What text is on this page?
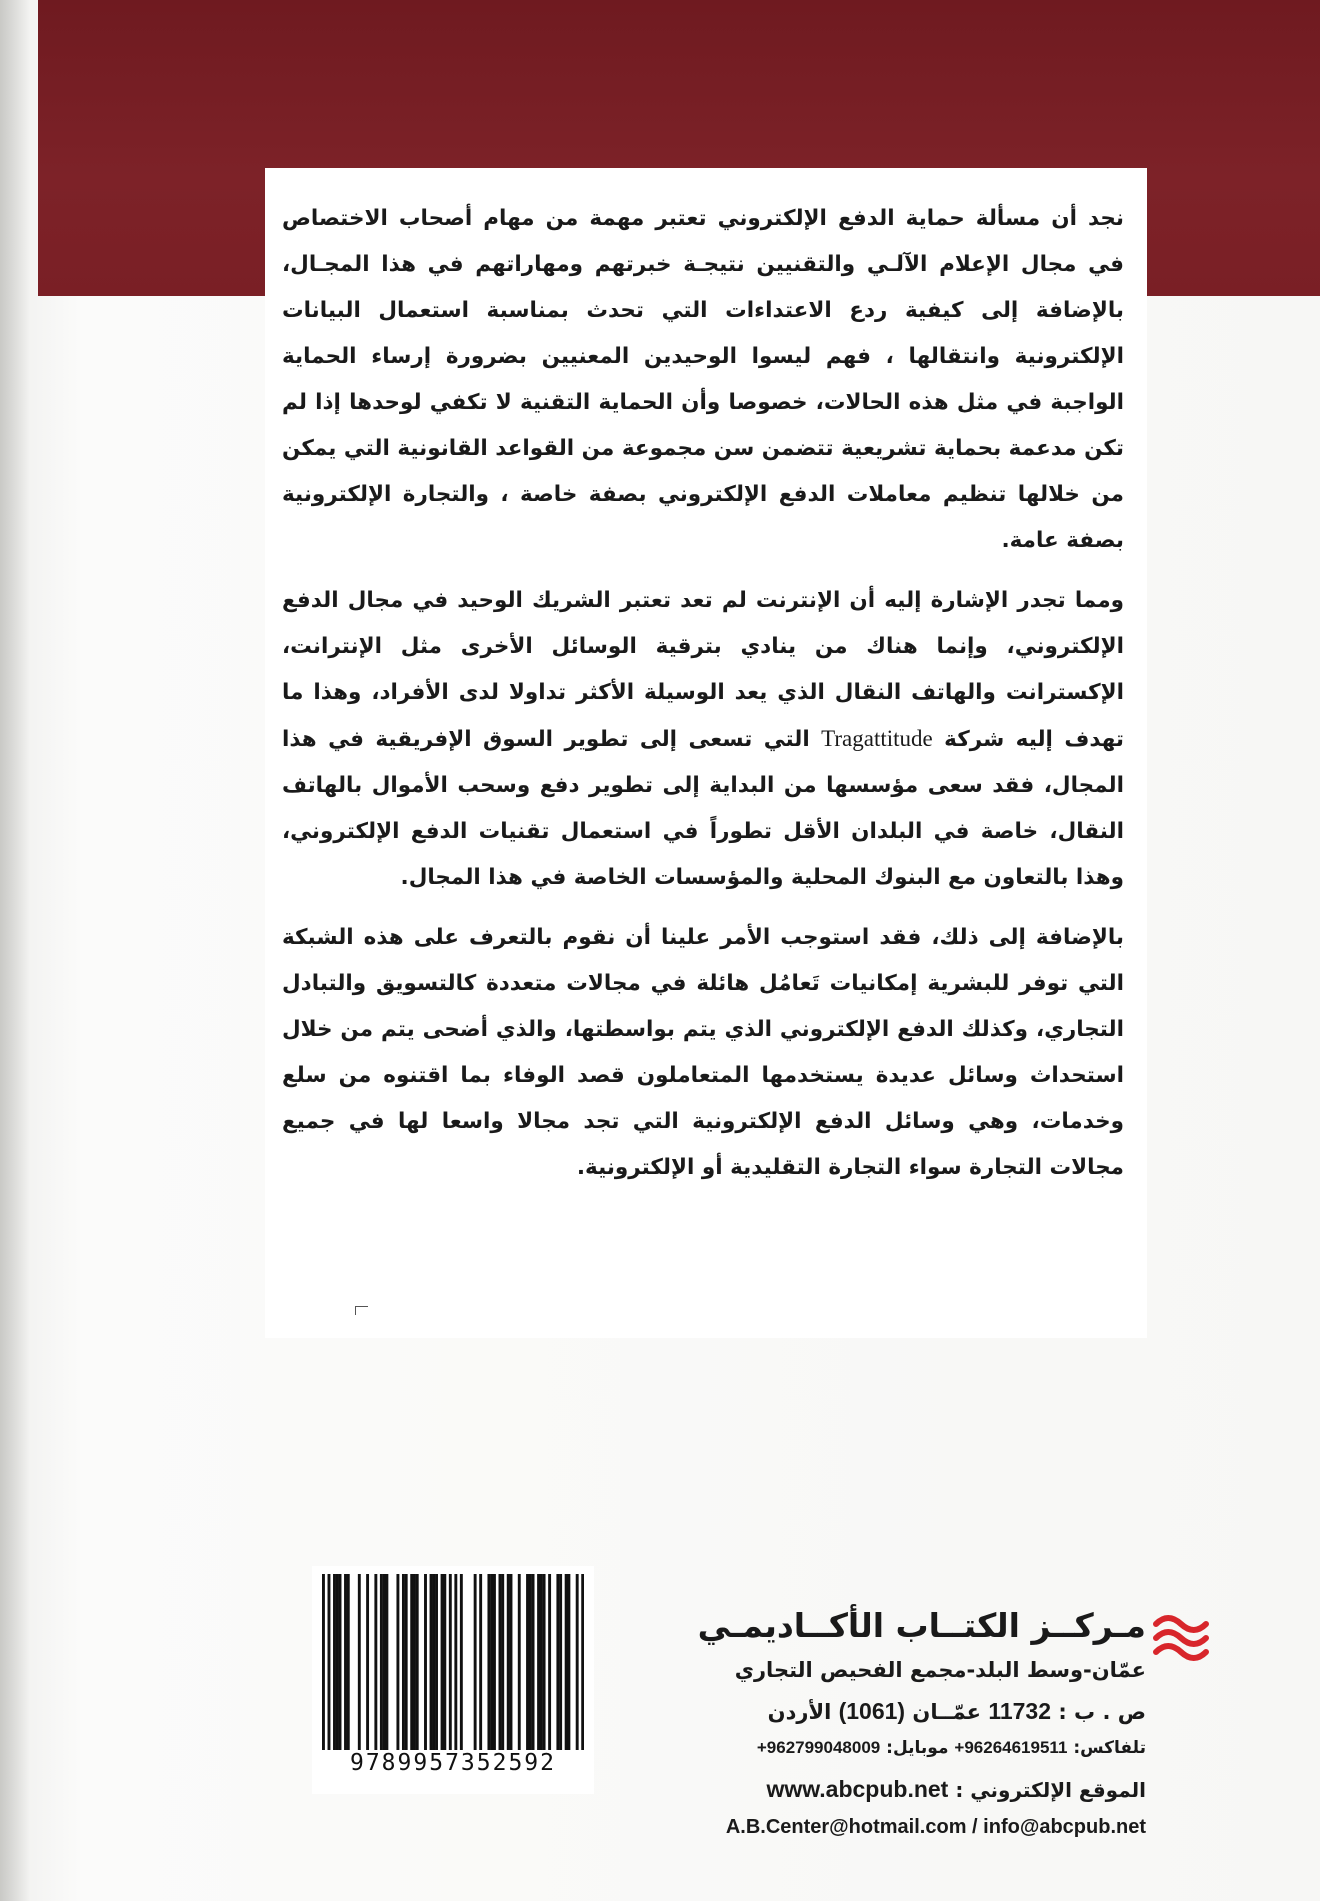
نجد أن مسألة حماية الدفع الإلكتروني تعتبر مهمة من مهام أصحاب الاختصاص في مجال الإعلام الآلـي والتقنيين نتيجـة خبرتهم ومهاراتهم في هذا المجـال، بالإضافة إلى كيفية ردع الاعتداءات التي تحدث بمناسبة استعمال البيانات الإلكترونية وانتقالها ، فهم ليسوا الوحيدين المعنيين بضرورة إرساء الحماية الواجبة في مثل هذه الحالات، خصوصا وأن الحماية التقنية لا تكفي لوحدها إذا لم تكن مدعمة بحماية تشريعية تتضمن سن مجموعة من القواعد القانونية التي يمكن من خلالها تنظيم معاملات الدفع الإلكتروني بصفة خاصة ، والتجارة الإلكترونية بصفة عامة.

ومما تجدر الإشارة إليه أن الإنترنت لم تعد تعتبر الشريك الوحيد في مجال الدفع الإلكتروني، وإنما هناك من ينادي بترقية الوسائل الأخرى مثل الإنترانت، الإكسترانت والهاتف النقال الذي يعد الوسيلة الأكثر تداولا لدى الأفراد، وهذا ما تهدف إليه شركة Tragattitude التي تسعى إلى تطوير السوق الإفريقية في هذا المجال، فقد سعى مؤسسها من البداية إلى تطوير دفع وسحب الأموال بالهاتف النقال، خاصة في البلدان الأقل تطوراً في استعمال تقنيات الدفع الإلكتروني، وهذا بالتعاون مع البنوك المحلية والمؤسسات الخاصة في هذا المجال.

بالإضافة إلى ذلك، فقد استوجب الأمر علينا أن نقوم بالتعرف على هذه الشبكة التي توفر للبشرية إمكانيات تَعامُل هائلة في مجالات متعددة كالتسويق والتبادل التجاري، وكذلك الدفع الإلكتروني الذي يتم بواسطتها، والذي أضحى يتم من خلال استحداث وسائل عديدة يستخدمها المتعاملون قصد الوفاء بما اقتنوه من سلع وخدمات، وهي وسائل الدفع الإلكترونية التي تجد مجالا واسعا لها في جميع مجالات التجارة سواء التجارة التقليدية أو الإلكترونية.

9789957352592
مـركــز الكتــاب الأكــاديمـي
عمّان-وسط البلد-مجمع الفحيص التجاري
ص . ب : 11732 عمّــان (1061) الأردن
تلفاكس: +96264619511 موبايل: +962799048009
الموقع الإلكتروني : www.abcpub.net
A.B.Center@hotmail.com / info@abcpub.net
